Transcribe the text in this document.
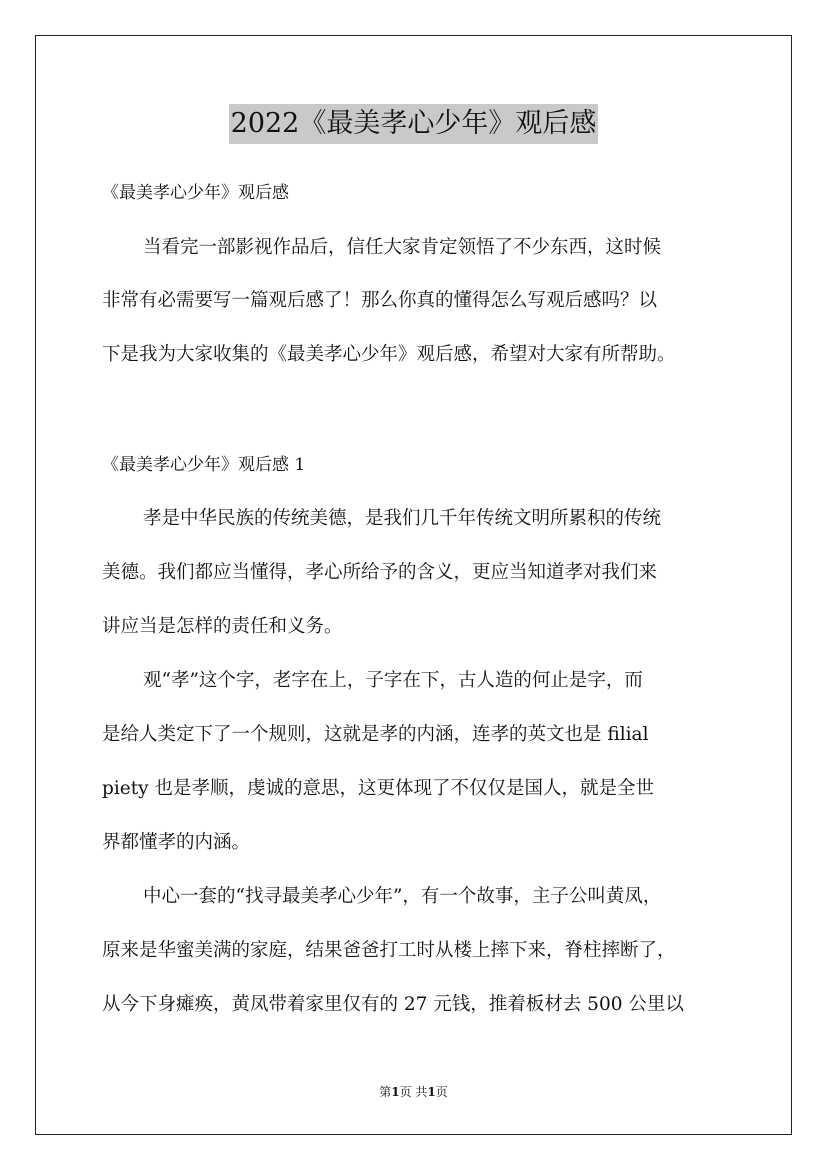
2022《最美孝心少年》观后感

《最美孝心少年》观后感

当看完一部影视作品后，信任大家肯定领悟了不少东西，这时候

非常有必需要写一篇观后感了！那么你真的懂得怎么写观后感吗？以

下是我为大家收集的《最美孝心少年》观后感，希望对大家有所帮助。

《最美孝心少年》观后感 1

孝是中华民族的传统美德，是我们几千年传统文明所累积的传统

美德。我们都应当懂得，孝心所给予的含义，更应当知道孝对我们来

讲应当是怎样的责任和义务。

观“孝”这个字，老字在上，子字在下，古人造的何止是字，而

是给人类定下了一个规则，这就是孝的内涵，连孝的英文也是 filial

piety 也是孝顺，虔诚的意思，这更体现了不仅仅是国人，就是全世

界都懂孝的内涵。

中心一套的“找寻最美孝心少年”，有一个故事，主子公叫黄凤，

原来是华蜜美满的家庭，结果爸爸打工时从楼上摔下来，脊柱摔断了，

从今下身瘫痪，黄凤带着家里仅有的 27 元钱，推着板材去 500 公里以

第1页 共1页
